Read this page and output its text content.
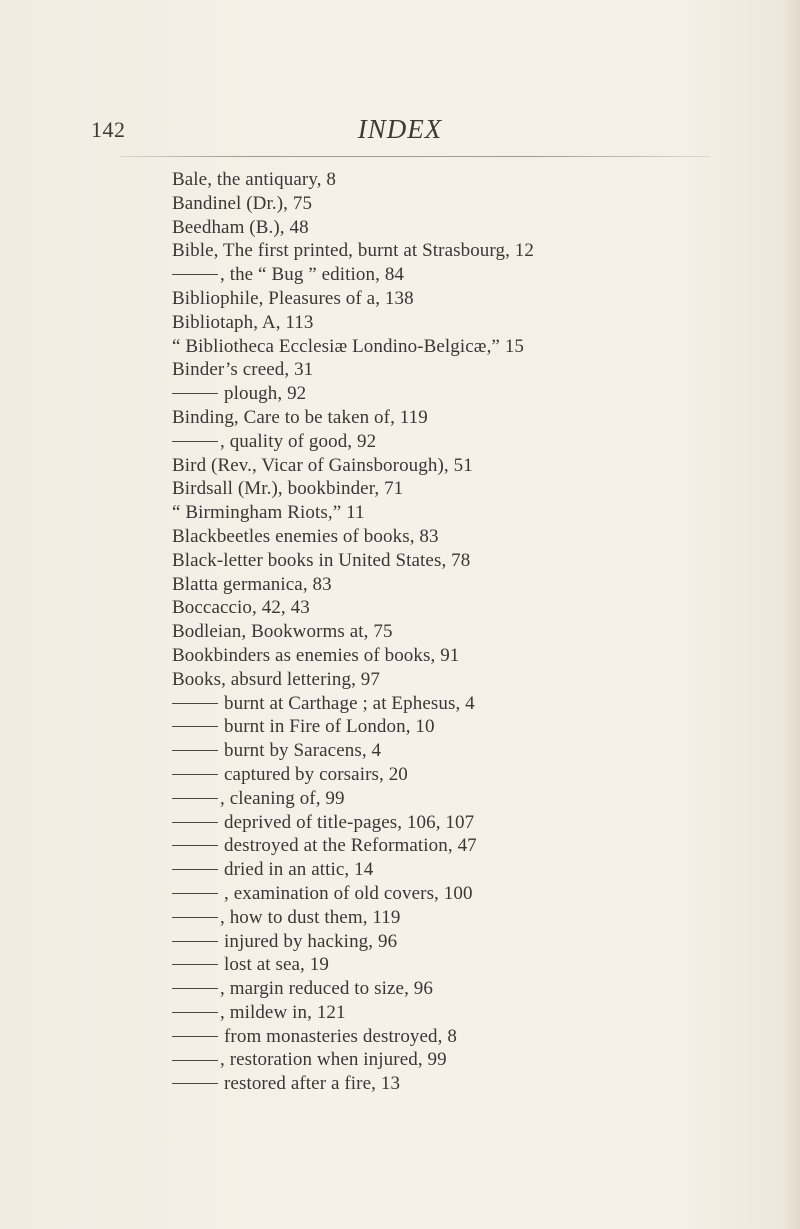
142	INDEX
Bale, the antiquary, 8
Bandinel (Dr.), 75
Beedham (B.), 48
Bible, The first printed, burnt at Strasbourg, 12
, the “ Bug ” edition, 84
Bibliophile, Pleasures of a, 138
Bibliotaph, A, 113
“ Bibliotheca Ecclesiæ Londino-Belgicæ,” 15
Binder’s creed, 31
plough, 92
Binding, Care to be taken of, 119
, quality of good, 92
Bird (Rev., Vicar of Gainsborough), 51
Birdsall (Mr.), bookbinder, 71
“ Birmingham Riots,” 11
Blackbeetles enemies of books, 83
Black-letter books in United States, 78
Blatta germanica, 83
Boccaccio, 42, 43
Bodleian, Bookworms at, 75
Bookbinders as enemies of books, 91
Books, absurd lettering, 97
burnt at Carthage ; at Ephesus, 4
burnt in Fire of London, 10
burnt by Saracens, 4
captured by corsairs, 20
, cleaning of, 99
deprived of title-pages, 106, 107
destroyed at the Reformation, 47
dried in an attic, 14
, examination of old covers, 100
, how to dust them, 119
injured by hacking, 96
lost at sea, 19
, margin reduced to size, 96
, mildew in, 121
from monasteries destroyed, 8
, restoration when injured, 99
restored after a fire, 13
